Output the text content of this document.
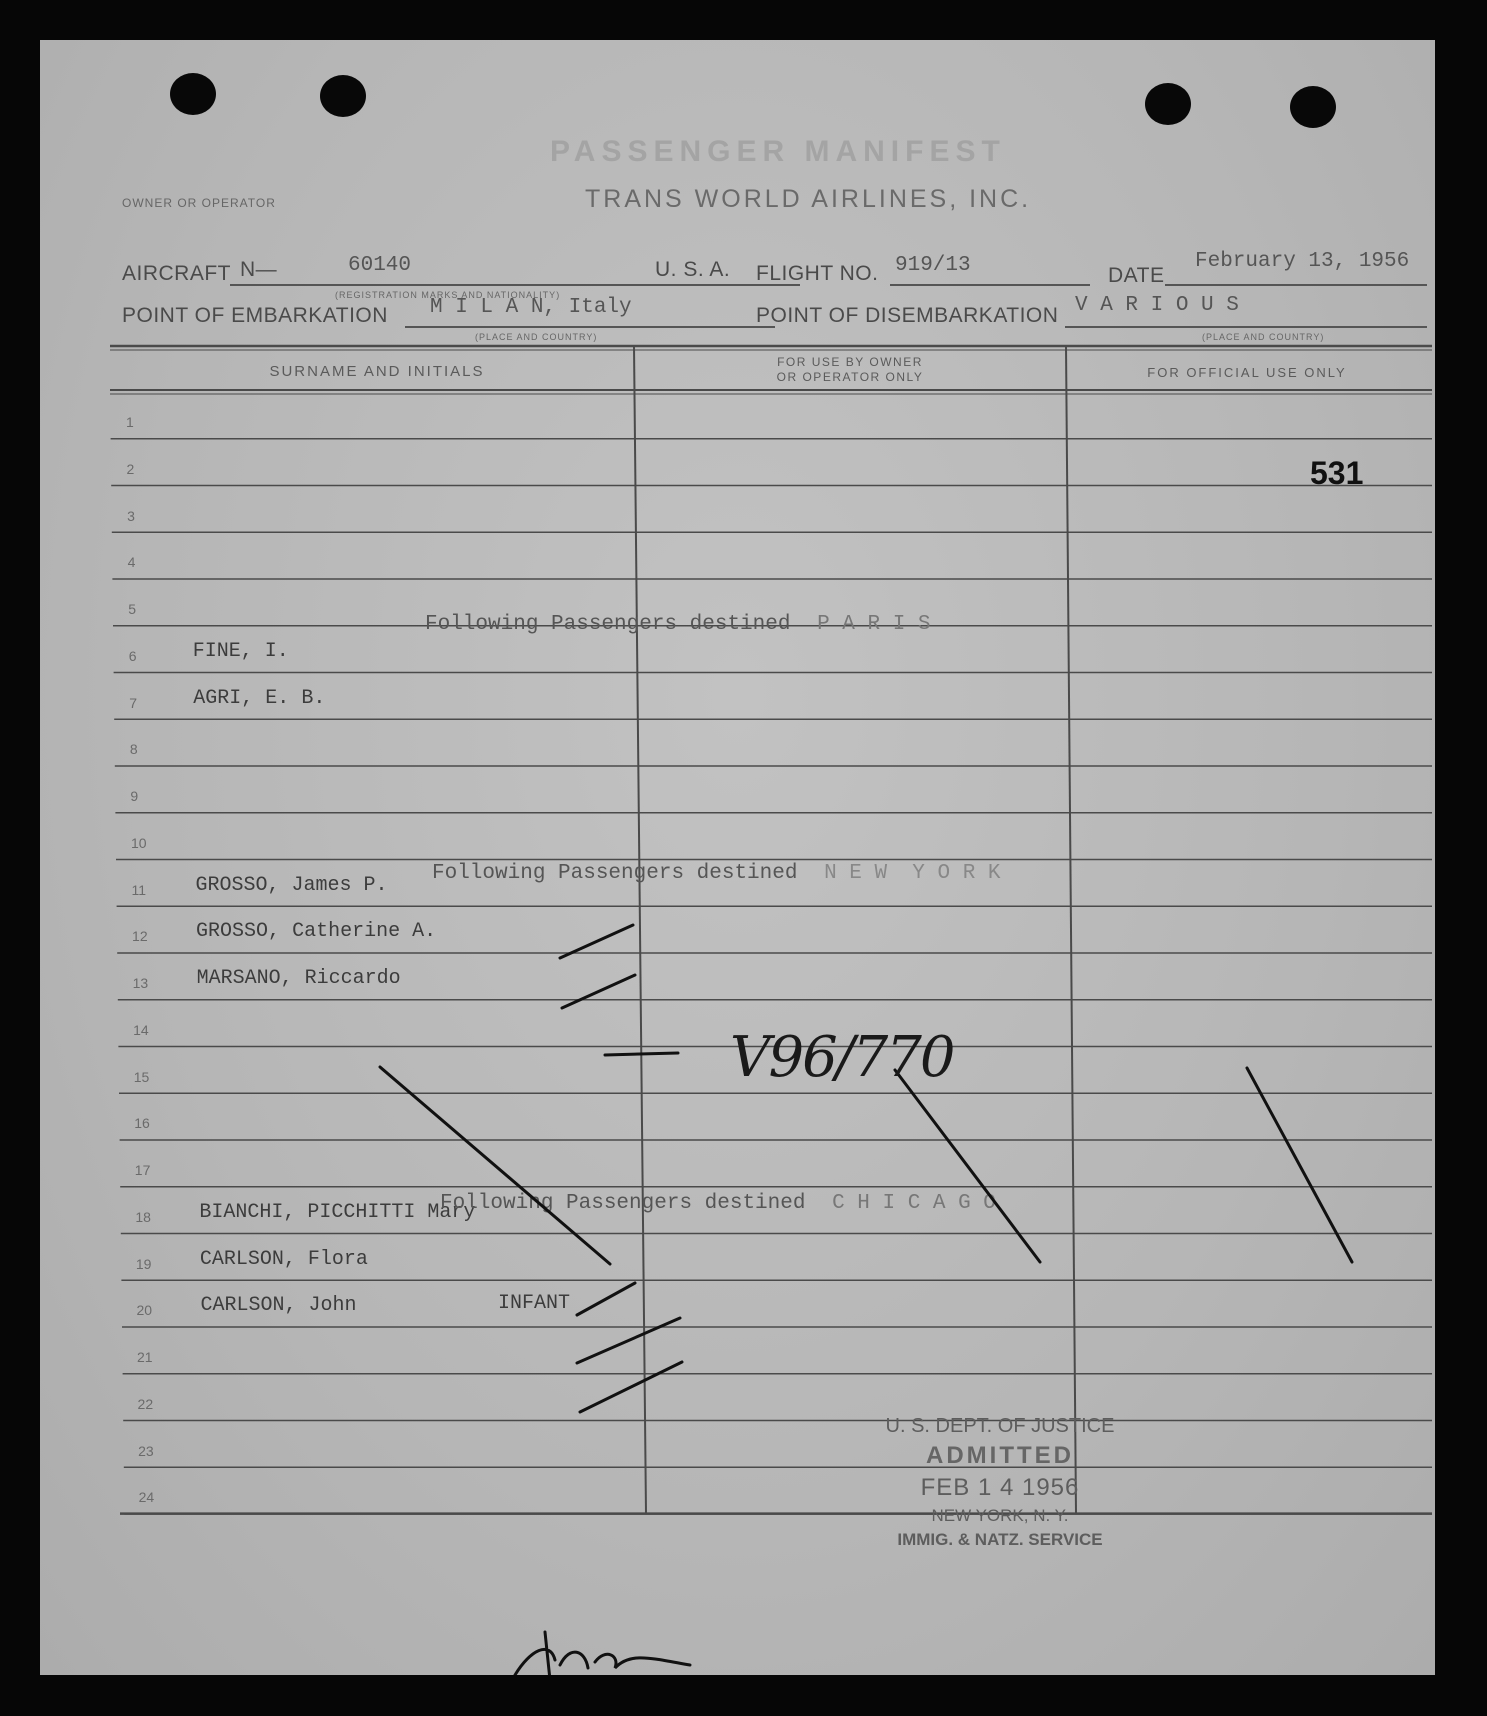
PASSENGER MANIFEST
OWNER OR OPERATOR	TRANS WORLD AIRLINES, INC.
AIRCRAFT N—	60140
(REGISTRATION MARKS AND NATIONALITY)
U. S. A. FLIGHT NO. 919/13	DATE
February 13, 1956
POINT OF EMBARKATION M I L A N, Italy
(PLACE AND COUNTRY)
POINT OF DISEMBARKATION V A R I O U S
(PLACE AND COUNTRY)
SURNAME AND INITIALS
FOR USE BY OWNER
OR OPERATOR ONLY	FOR OFFICIAL USE ONLY
531
1
2
3
4
5
6	FINE, I.
7	AGRI, E. B.
8
9
10
11 GROSSO, James P.
12 GROSSO, Catherine A.
13 MARSANO, Riccardo
14
15
16
17
18 BIANCHI, PICCHITTI Mary
19 CARLSON, Flora
20 CARLSON, John	INFANT
21
22
23
24
Following Passengers destined P A R I S
Following Passengers destined N E W  Y O R K
Following Passengers destined C H I C A G O
V96/770
U. S. DEPT. OF JUSTICE
ADMITTED
FEB 1 4 1956
NEW YORK, N. Y.
IMMIG. & NATZ. SERVICE
